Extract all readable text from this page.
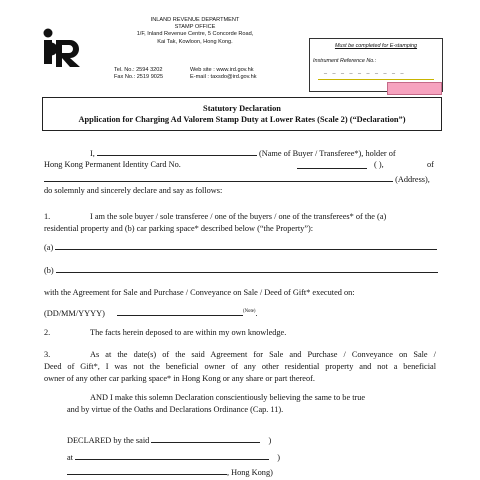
INLAND REVENUE DEPARTMENT
STAMP OFFICE
1/F, Inland Revenue Centre, 5 Concorde Road,
Kai Tak, Kowloon, Hong Kong.
Tel. No.: 2594 3202	Web site : www.ird.gov.hk
Fax No.: 2519 9025	E-mail : taxsdo@ird.gov.hk
Must be completed for E-stamping
Instrument Reference No.:
_ _ _ _ _ _ _ _ _ _
Statutory Declaration
Application for Charging Ad Valorem Stamp Duty at Lower Rates (Scale 2) (“Declaration”)
I,	(Name of Buyer / Transferee*), holder of
Hong Kong Permanent Identity Card No.	( ),	of
(Address),
do solemnly and sincerely declare and say as follows:
1.	I am the sole buyer / sole transferee / one of the buyers / one of the transferees* of the (a)
residential property and (b) car parking space* described below (“the Property”):
(a)
(b)
with the Agreement for Sale and Purchase / Conveyance on Sale / Deed of Gift* executed on:
(DD/MM/YYYY)	$^{(Note)}$.
2.	The facts herein deposed to are within my own knowledge.
3.	As at the date(s) of the said Agreement for Sale and Purchase / Conveyance on Sale /
Deed of Gift*, I was not the beneficial owner of any other residential property and not a beneficial
owner of any other car parking space* in Hong Kong or any share or part thereof.
AND I make this solemn Declaration conscientiously believing the same to be true
and by virtue of the Oaths and Declarations Ordinance (Cap. 11).
DECLARED by the said	)
at	)
, Hong Kong)
